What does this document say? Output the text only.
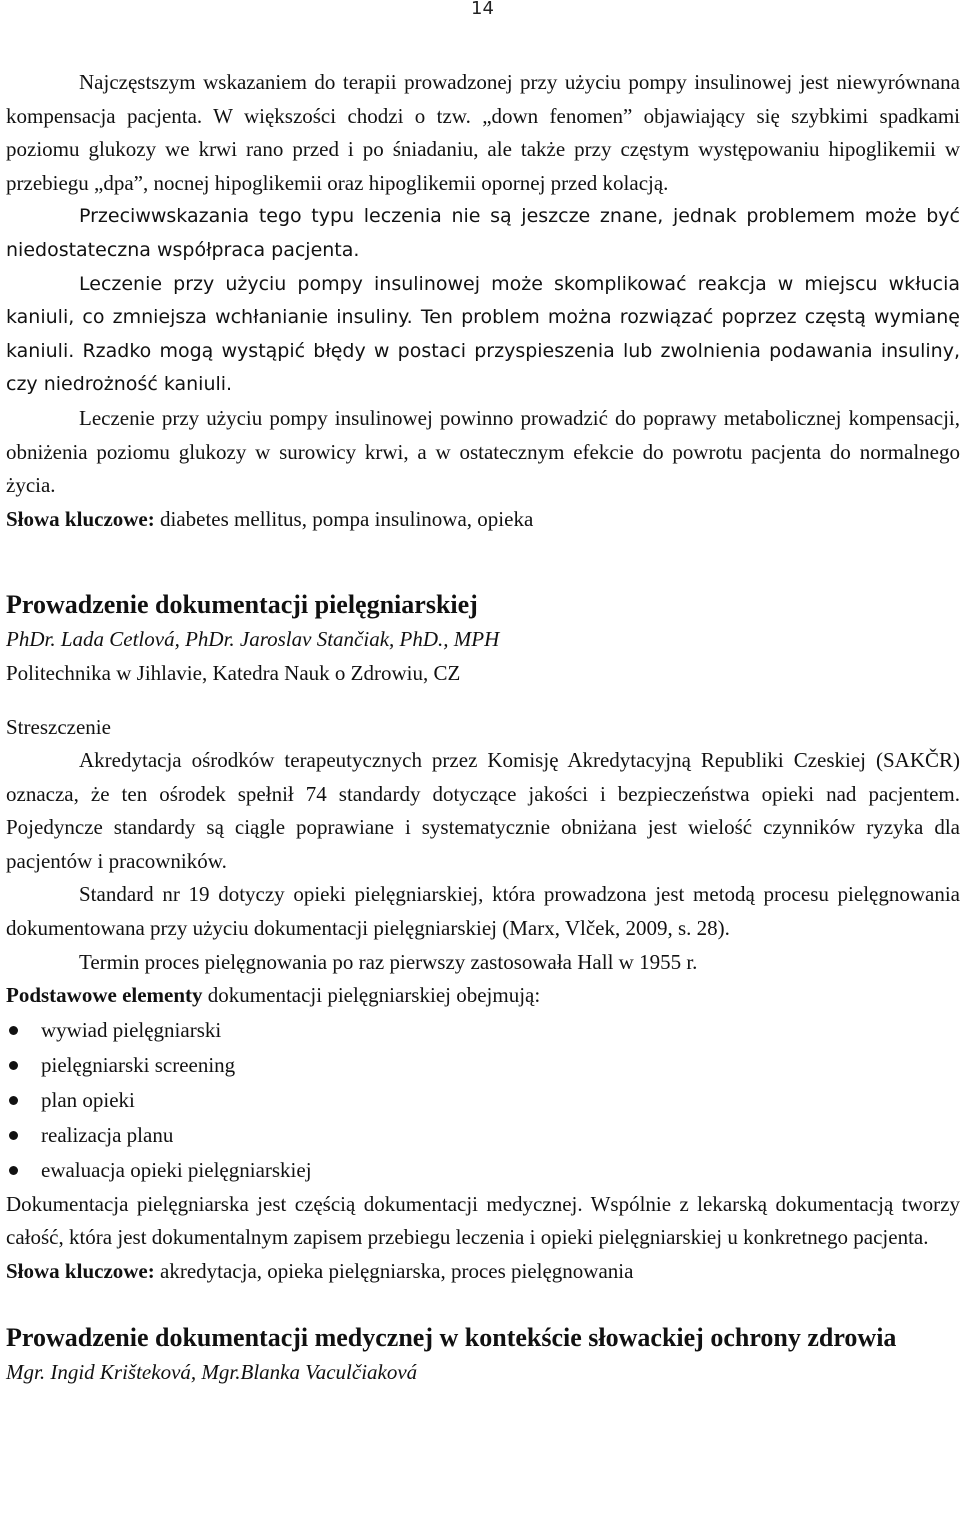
14

Najczęstszym wskazaniem do terapii prowadzonej przy użyciu pompy insulinowej jest niewyrównana kompensacja pacjenta. W większości chodzi o tzw. „down fenomen” objawiający się szybkimi spadkami poziomu glukozy we krwi rano przed i po śniadaniu, ale także przy częstym występowaniu hipoglikemii w przebiegu „dpa”, nocnej hipoglikemii oraz hipoglikemii opornej przed kolacją.

Przeciwwskazania tego typu leczenia nie są jeszcze znane, jednak problemem może być niedostateczna współpraca pacjenta.

Leczenie przy użyciu pompy insulinowej może skomplikować reakcja w miejscu wkłucia kaniuli, co zmniejsza wchłanianie insuliny. Ten problem można rozwiązać poprzez częstą wymianę kaniuli. Rzadko mogą wystąpić błędy w postaci przyspieszenia lub zwolnienia podawania insuliny, czy niedrożność kaniuli.

Leczenie przy użyciu pompy insulinowej powinno prowadzić do poprawy metabolicznej kompensacji, obniżenia poziomu glukozy w surowicy krwi, a w ostatecznym efekcie do powrotu pacjenta do normalnego życia.

Słowa kluczowe: diabetes mellitus, pompa insulinowa, opieka

Prowadzenie dokumentacji pielęgniarskiej

PhDr. Lada Cetlová, PhDr. Jaroslav Stančiak, PhD., MPH

Politechnika w Jihlavie, Katedra Nauk o Zdrowiu, CZ

Streszczenie

Akredytacja ośrodków terapeutycznych przez Komisję Akredytacyjną Republiki Czeskiej (SAKČR) oznacza, że ten ośrodek spełnił 74 standardy dotyczące jakości i bezpieczeństwa opieki nad pacjentem. Pojedyncze standardy są ciągle poprawiane i systematycznie obniżana jest wielość czynników ryzyka dla pacjentów i pracowników.

Standard nr 19 dotyczy opieki pielęgniarskiej, która prowadzona jest metodą procesu pielęgnowania dokumentowana przy użyciu dokumentacji pielęgniarskiej (Marx, Vlček, 2009, s. 28).

Termin proces pielęgnowania po raz pierwszy zastosowała Hall w 1955 r.

Podstawowe elementy dokumentacji pielęgniarskiej obejmują:

wywiad pielęgniarski
pielęgniarski screening
plan opieki
realizacja planu
ewaluacja opieki pielęgniarskiej

Dokumentacja pielęgniarska jest częścią dokumentacji medycznej. Wspólnie z lekarską dokumentacją tworzy całość, która jest dokumentalnym zapisem przebiegu leczenia i opieki pielęgniarskiej u konkretnego pacjenta.

Słowa kluczowe: akredytacja, opieka pielęgniarska, proces pielęgnowania

Prowadzenie dokumentacji medycznej w kontekście słowackiej ochrony zdrowia

Mgr. Ingid Krišteková, Mgr.Blanka Vaculčiaková
